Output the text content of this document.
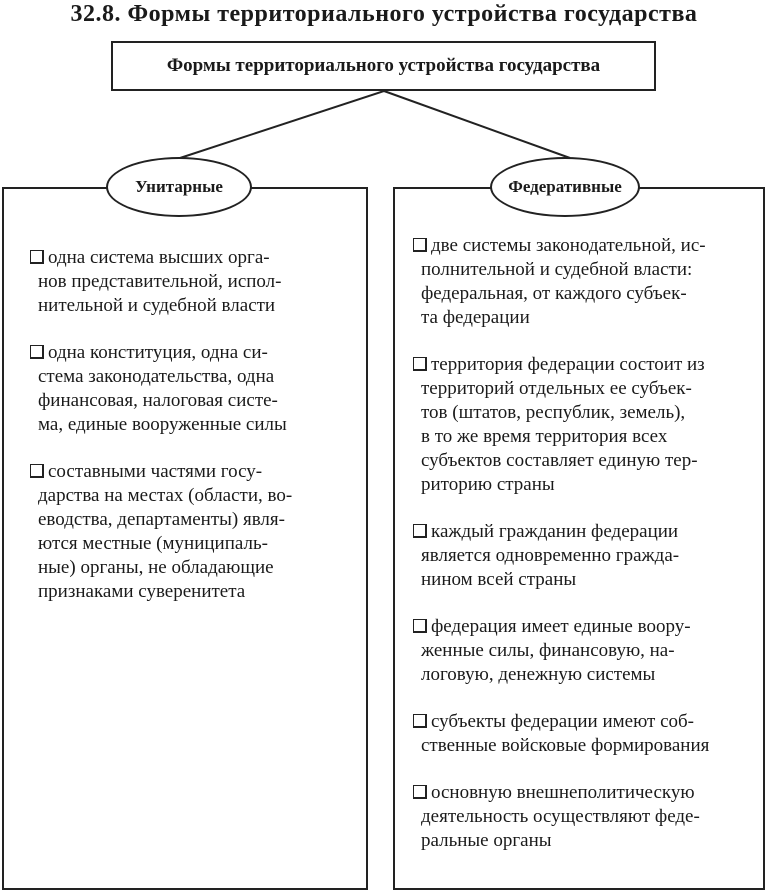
32.8. Формы территориального устройства государства
Формы территориального устройства государства
Унитарные	Федеративные
одна система высших орга-
нов представительной, испол-
нительной и судебной власти
одна конституция, одна си-
стема законодательства, одна
финансовая, налоговая систе-
ма, единые вооруженные силы
составными частями госу-
дарства на местах (области, во-
еводства, департаменты) явля-
ются местные (муниципаль-
ные) органы, не обладающие
признаками суверенитета
две системы законодательной, ис-
полнительной и судебной власти:
федеральная, от каждого субъек-
та федерации
территория федерации состоит из
территорий отдельных ее субъек-
тов (штатов, республик, земель),
в то же время территория всех
субъектов составляет единую тер-
риторию страны
каждый гражданин федерации
является одновременно гражда-
нином всей страны
федерация имеет единые воору-
женные силы, финансовую, на-
логовую, денежную системы
субъекты федерации имеют соб-
ственные войсковые формирования
основную внешнеполитическую
деятельность осуществляют феде-
ральные органы
